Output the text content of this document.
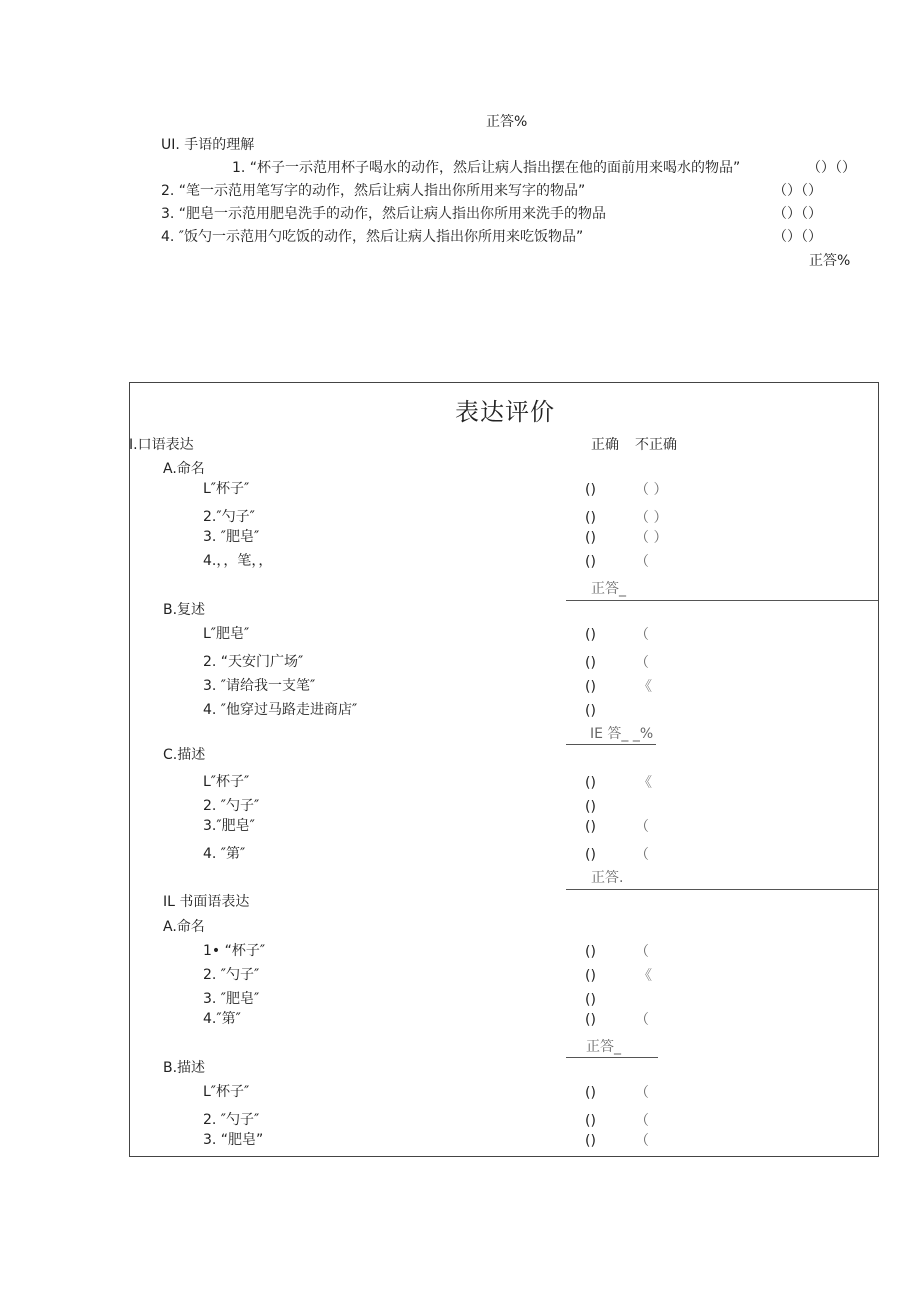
正答%
UI. 手语的理解
1. “杯子一示范用杯子喝水的动作，然后让病人指出摆在他的面前用来喝水的物品”	（）（）
2. “笔一示范用笔写字的动作，然后让病人指出你所用来写字的物品”	（）（）
3. “肥皂一示范用肥皂洗手的动作，然后让病人指出你所用来洗手的物品	（）（）
4. ″饭勺一示范用勺吃饭的动作，然后让病人指出你所用来吃饭物品”	（）（）
正答%
表达评价
I.口语表达	正确 不正确
A.命名
L″杯子″	()	（ ）
2.″勺子″	()	（ ）
3. ″肥皂″	()	（ ）
4.，，笔，，	()	（
正答_
B.复述
L″肥皂″	()	（
2. “天安门广场″	()	（
3. ″请给我一支笔″	()	《
4. ″他穿过马路走进商店″	()
IE 答_ _%
C.描述
L″杯子″	()	《
2. ″勺子″	()
3.″肥皂″	()	（
4. ″第″	()	（
正答.
IL 书面语表达
A.命名
1• “杯子″	()	（
2. ″勺子″	()	《
3. ″肥皂″	()
4.″第″	()	（
正答_
B.描述
L″杯子″	()	（
2. ″勺子″	()	（
3. “肥皂”	()	（
